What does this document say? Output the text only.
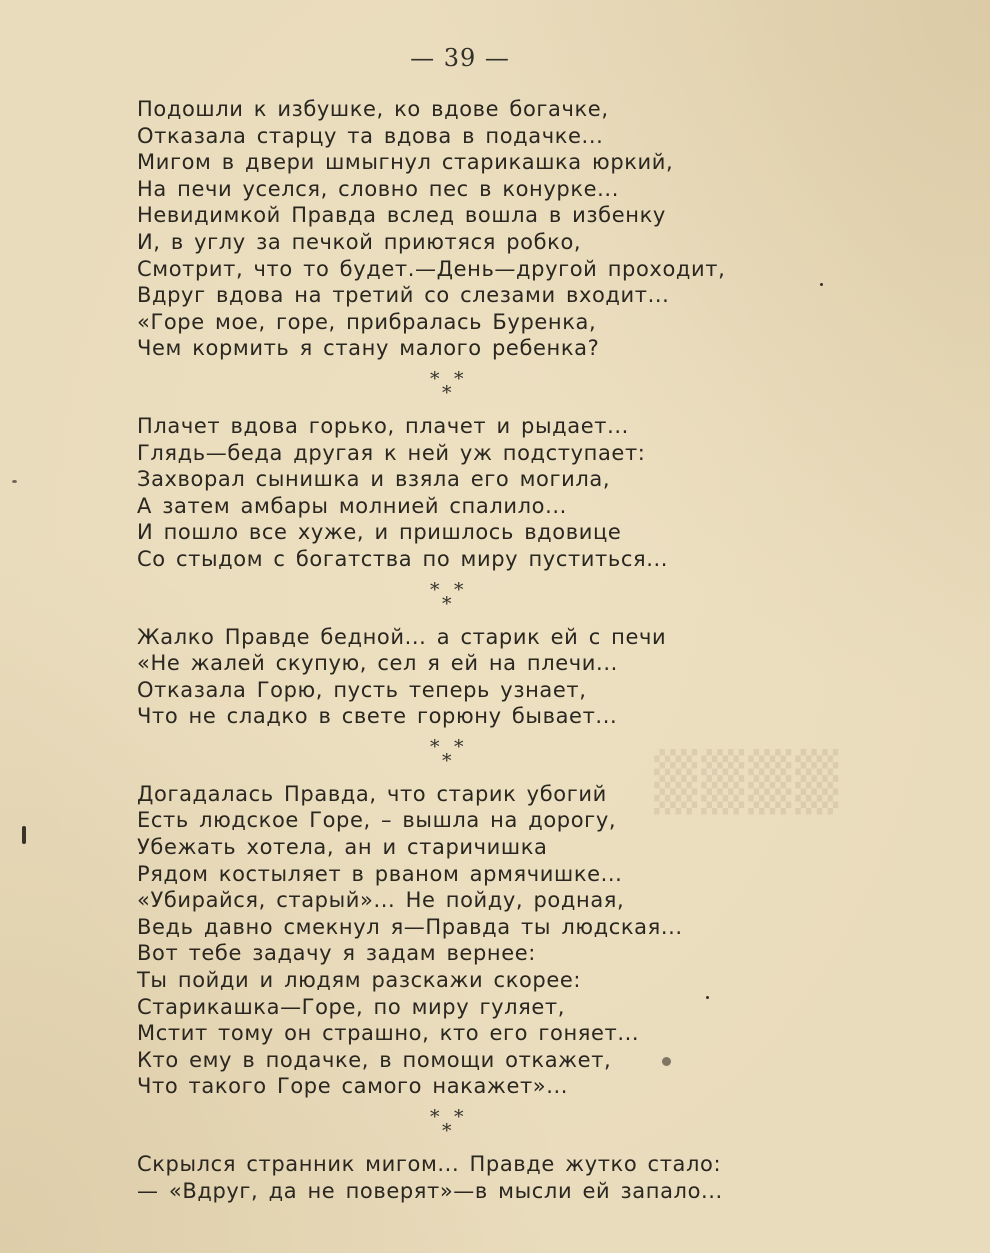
▒▒▒▒
— 39 —
Подошли к избушке, ко вдове богачке,
Отказала старцу та вдова в подачке...
Мигом в двери шмыгнул старикашка юркий,
На печи уселся, словно пес в конурке...
Невидимкой Правда вслед вошла в избенку
И, в углу за печкой приютяся робко,
Смотрит, что то будет.—День—другой проходит,
Вдруг вдова на третий со слезами входит...
«Горе мое, горе, прибралась Буренка,
Чем кормить я стану малого ребенка?
* *
*
Плачет вдова горько, плачет и рыдает...
Глядь—беда другая к ней уж подступает:
Захворал сынишка и взяла его могила,
А затем амбары молнией спалило...
И пошло все хуже, и пришлось вдовице
Со стыдом с богатства по миру пуститься...
* *
*
Жалко Правде бедной... а старик ей с печи
«Не жалей скупую, сел я ей на плечи...
Отказала Горю, пусть теперь узнает,
Что не сладко в свете горюну бывает...
* *
*
Догадалась Правда, что старик убогий
Есть людское Горе, – вышла на дорогу,
Убежать хотела, ан и старичишка
Рядом костыляет в рваном армячишке...
«Убирайся, старый»... Не пойду, родная,
Ведь давно смекнул я—Правда ты людская...
Вот тебе задачу я задам вернее:
Ты пойди и людям разскажи скорее:
Старикашка—Горе, по миру гуляет,
Мстит тому он страшно, кто его гоняет...
Кто ему в подачке, в помощи откажет,
Что такого Горе самого накажет»...
* *
*
Скрылся странник мигом... Правде жутко стало:
— «Вдруг, да не поверят»—в мысли ей запало...
